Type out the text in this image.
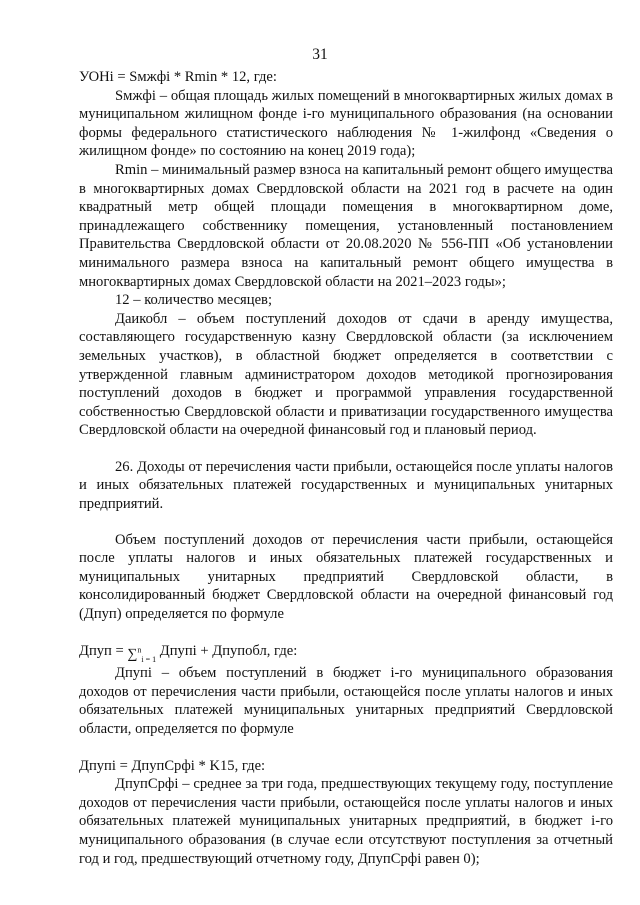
31

УОНi = Sмжфi * Rmin * 12, где:

Sмжфi – общая площадь жилых помещений в многоквартирных жилых домах в муниципальном жилищном фонде i-го муниципального образования (на основании формы федерального статистического наблюдения № 1-жилфонд «Сведения о жилищном фонде» по состоянию на конец 2019 года);

Rmin – минимальный размер взноса на капитальный ремонт общего имущества в многоквартирных домах Свердловской области на 2021 год в расчете на один квадратный метр общей площади помещения в многоквартирном доме, принадлежащего собственнику помещения, установленный постановлением Правительства Свердловской области от 20.08.2020 № 556-ПП «Об установлении минимального размера взноса на капитальный ремонт общего имущества в многоквартирных домах Свердловской области на 2021–2023 годы»;

12 – количество месяцев;

Даикобл – объем поступлений доходов от сдачи в аренду имущества, составляющего государственную казну Свердловской области (за исключением земельных участков), в областной бюджет определяется в соответствии с утвержденной главным администратором доходов методикой прогнозирования поступлений доходов в бюджет и программой управления государственной собственностью Свердловской области и приватизации государственного имущества Свердловской области на очередной финансовый год и плановый период.

26. Доходы от перечисления части прибыли, остающейся после уплаты налогов и иных обязательных платежей государственных и муниципальных унитарных предприятий.

Объем поступлений доходов от перечисления части прибыли, остающейся после уплаты налогов и иных обязательных платежей государственных и муниципальных унитарных предприятий Свердловской области, в консолидированный бюджет Свердловской области на очередной финансовый год (Дпуп) определяется по формуле

Дпуп = ∑$^n_{i = 1}$ Дпупi + Дпупобл, где:

Дпупi – объем поступлений в бюджет i-го муниципального образования доходов от перечисления части прибыли, остающейся после уплаты налогов и иных обязательных платежей муниципальных унитарных предприятий Свердловской области, определяется по формуле

Дпупi = ДпупСрфi * K15, где:

ДпупСрфi – среднее за три года, предшествующих текущему году, поступление доходов от перечисления части прибыли, остающейся после уплаты налогов и иных обязательных платежей муниципальных унитарных предприятий, в бюджет i-го муниципального образования (в случае если отсутствуют поступления за отчетный год и год, предшествующий отчетному году, ДпупСрфi равен 0);
